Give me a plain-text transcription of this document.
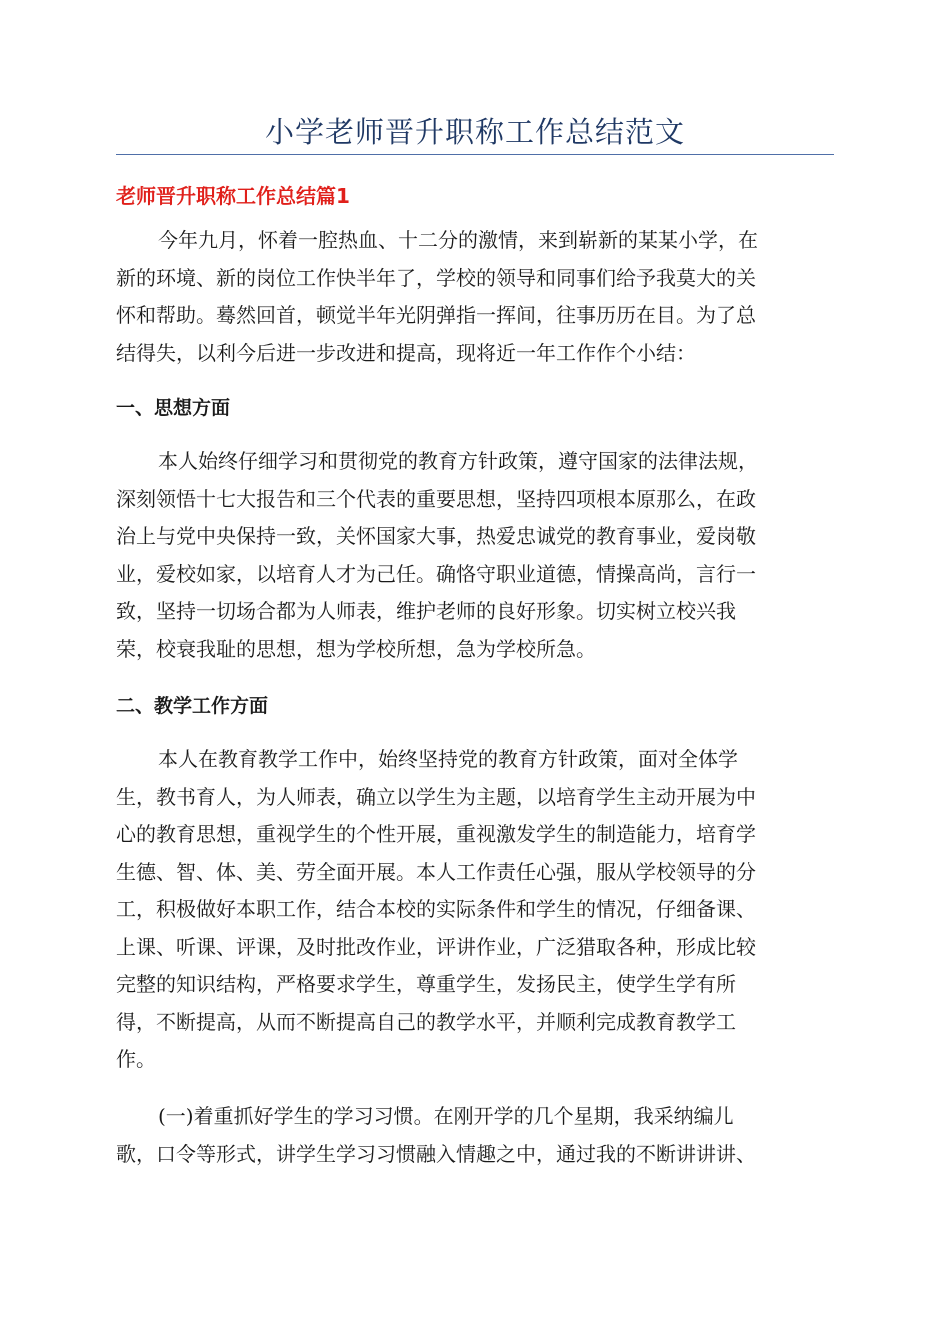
小学老师晋升职称工作总结范文
老师晋升职称工作总结篇1

今年九月，怀着一腔热血、十二分的激情，来到崭新的某某小学，在
新的环境、新的岗位工作快半年了，学校的领导和同事们给予我莫大的关
怀和帮助。蓦然回首，顿觉半年光阴弹指一挥间，往事历历在目。为了总
结得失，以利今后进一步改进和提高，现将近一年工作作个小结：

一、思想方面

本人始终仔细学习和贯彻党的教育方针政策，遵守国家的法律法规，
深刻领悟十七大报告和三个代表的重要思想，坚持四项根本原那么，在政
治上与党中央保持一致，关怀国家大事，热爱忠诚党的教育事业，爱岗敬
业，爱校如家，以培育人才为己任。确恪守职业道德，情操高尚，言行一
致，坚持一切场合都为人师表，维护老师的良好形象。切实树立校兴我
荣，校衰我耻的思想，想为学校所想，急为学校所急。

二、教学工作方面

本人在教育教学工作中，始终坚持党的教育方针政策，面对全体学
生，教书育人，为人师表，确立以学生为主题，以培育学生主动开展为中
心的教育思想，重视学生的个性开展，重视激发学生的制造能力，培育学
生德、智、体、美、劳全面开展。本人工作责任心强，服从学校领导的分
工，积极做好本职工作，结合本校的实际条件和学生的情况，仔细备课、
上课、听课、评课，及时批改作业，评讲作业，广泛猎取各种，形成比较
完整的知识结构，严格要求学生，尊重学生，发扬民主，使学生学有所
得，不断提高，从而不断提高自己的教学水平，并顺利完成教育教学工
作。

(一)着重抓好学生的学习习惯。在刚开学的几个星期，我采纳编儿
歌，口令等形式，讲学生学习习惯融入情趣之中，通过我的不断讲讲讲、
